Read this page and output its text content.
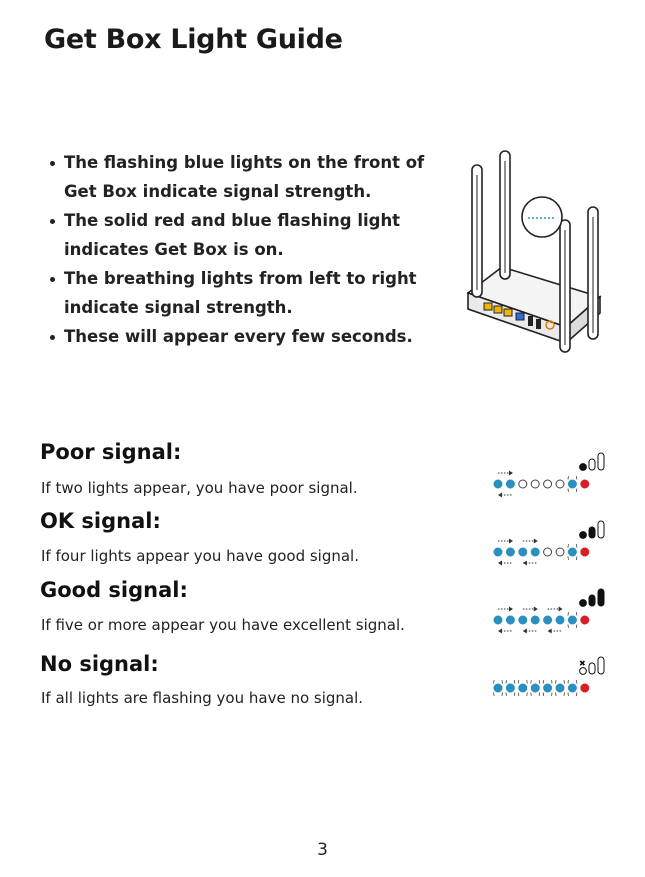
Get Box Light Guide
The flashing blue lights on the front of Get Box indicate signal strength.
The solid red and blue flashing light indicates Get Box is on.
The breathing lights from left to right indicate signal strength.
These will appear every few seconds.
Poor signal:

If two lights appear, you have poor signal.

OK signal:

If four lights appear you have good signal.

Good signal:

If five or more appear you have excellent signal.

No signal:

If all lights are flashing you have no signal.

✖
3
